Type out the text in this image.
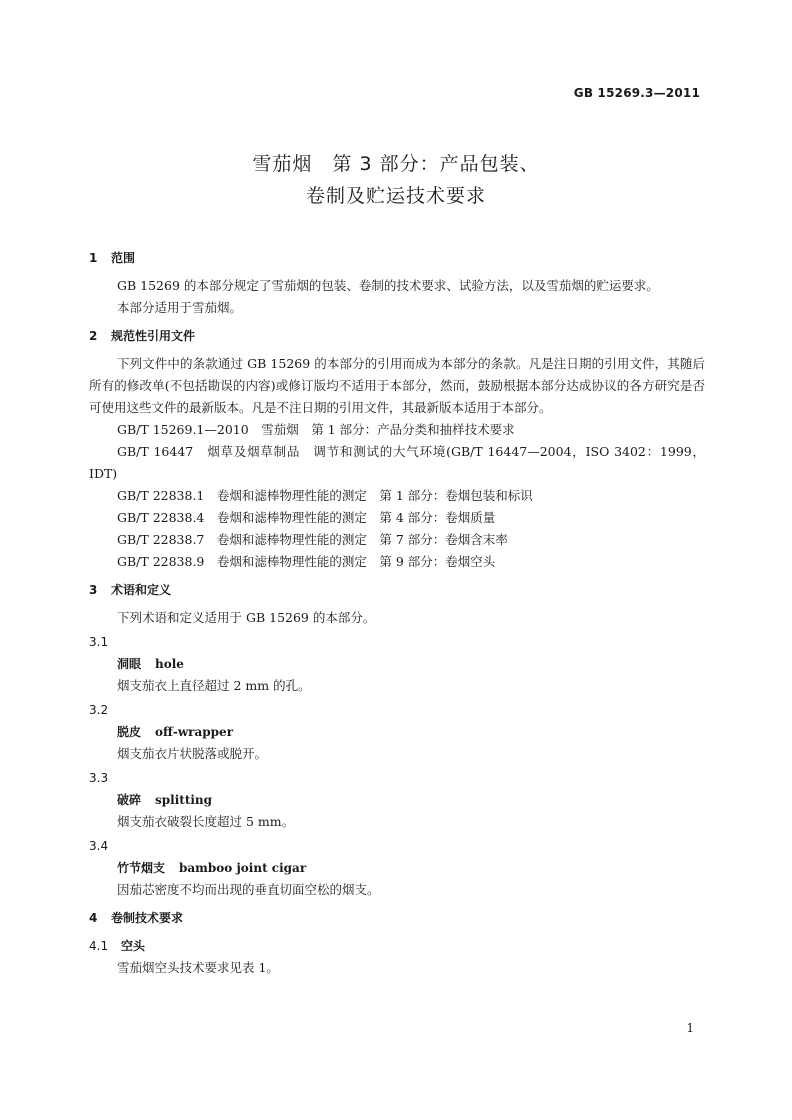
GB 15269.3—2011
雪茄烟　第 3 部分：产品包装、
卷制及贮运技术要求
1 范围
GB 15269 的本部分规定了雪茄烟的包装、卷制的技术要求、试验方法，以及雪茄烟的贮运要求。
本部分适用于雪茄烟。
2 规范性引用文件
下列文件中的条款通过 GB 15269 的本部分的引用而成为本部分的条款。凡是注日期的引用文件，其随后所有的修改单(不包括勘误的内容)或修订版均不适用于本部分，然而，鼓励根据本部分达成协议的各方研究是否可使用这些文件的最新版本。凡是不注日期的引用文件，其最新版本适用于本部分。
GB/T 15269.1—2010　雪茄烟　第 1 部分：产品分类和抽样技术要求
GB/T 16447　烟草及烟草制品　调节和测试的大气环境(GB/T 16447—2004，ISO 3402：1999，IDT)
GB/T 22838.1　卷烟和滤棒物理性能的测定　第 1 部分：卷烟包装和标识
GB/T 22838.4　卷烟和滤棒物理性能的测定　第 4 部分：卷烟质量
GB/T 22838.7　卷烟和滤棒物理性能的测定　第 7 部分：卷烟含末率
GB/T 22838.9　卷烟和滤棒物理性能的测定　第 9 部分：卷烟空头
3 术语和定义
下列术语和定义适用于 GB 15269 的本部分。
3.1
洞眼 hole
烟支茄衣上直径超过 2 mm 的孔。
3.2
脱皮 off-wrapper
烟支茄衣片状脱落或脱开。
3.3
破碎 splitting
烟支茄衣破裂长度超过 5 mm。
3.4
竹节烟支 bamboo joint cigar
因茄芯密度不均而出现的垂直切面空松的烟支。
4 卷制技术要求
4.1 空头
雪茄烟空头技术要求见表 1。
1
